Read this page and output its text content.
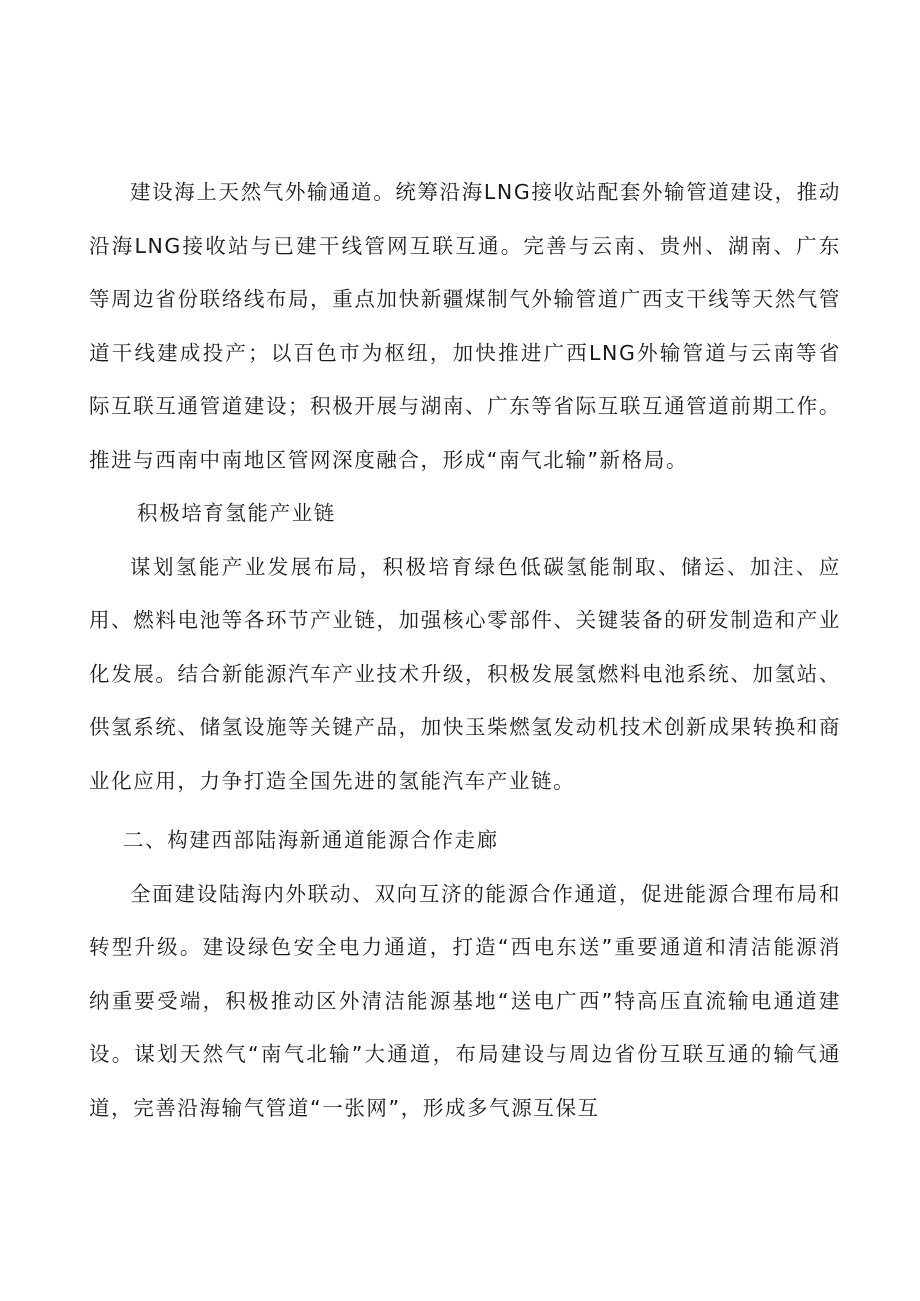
建设海上天然气外输通道。统筹沿海LNG接收站配套外输管道建设，推动沿海LNG接收站与已建干线管网互联互通。完善与云南、贵州、湖南、广东等周边省份联络线布局，重点加快新疆煤制气外输管道广西支干线等天然气管道干线建成投产；以百色市为枢纽，加快推进广西LNG外输管道与云南等省际互联互通管道建设；积极开展与湖南、广东等省际互联互通管道前期工作。推进与西南中南地区管网深度融合，形成“南气北输”新格局。

积极培育氢能产业链

谋划氢能产业发展布局，积极培育绿色低碳氢能制取、储运、加注、应用、燃料电池等各环节产业链，加强核心零部件、关键装备的研发制造和产业化发展。结合新能源汽车产业技术升级，积极发展氢燃料电池系统、加氢站、供氢系统、储氢设施等关键产品，加快玉柴燃氢发动机技术创新成果转换和商业化应用，力争打造全国先进的氢能汽车产业链。

二、构建西部陆海新通道能源合作走廊

全面建设陆海内外联动、双向互济的能源合作通道，促进能源合理布局和转型升级。建设绿色安全电力通道，打造“西电东送”重要通道和清洁能源消纳重要受端，积极推动区外清洁能源基地“送电广西”特高压直流输电通道建设。谋划天然气“南气北输”大通道，布局建设与周边省份互联互通的输气通道，完善沿海输气管道“一张网”，形成多气源互保互
